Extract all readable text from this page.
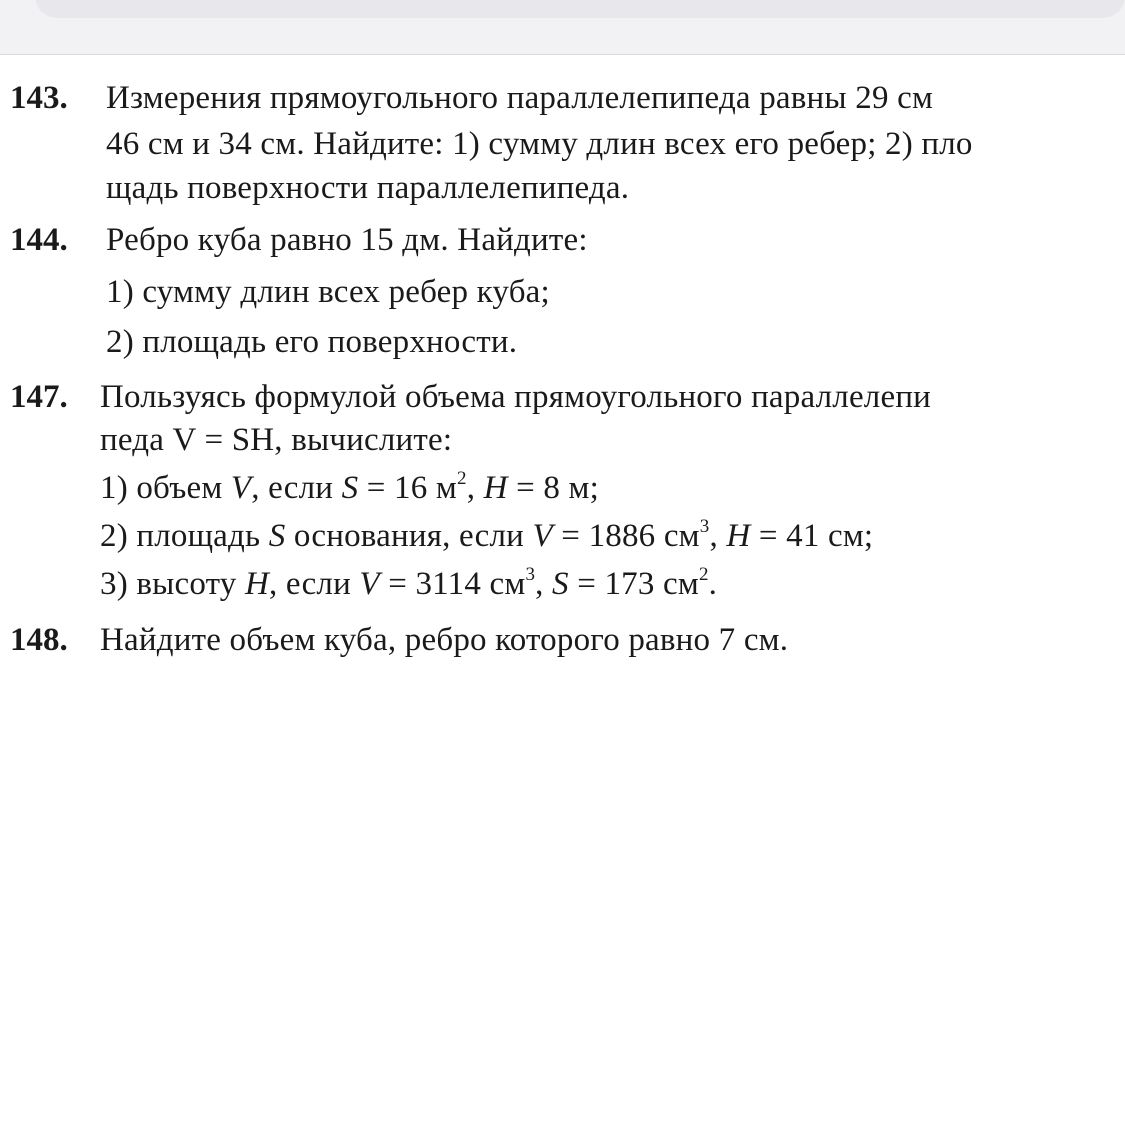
143. Измерения прямоугольного параллелепипеда равны 29 см
46 см и 34 см. Найдите: 1) сумму длин всех его ребер; 2) пло
щадь поверхности параллелепипеда.
144. Ребро куба равно 15 дм. Найдите:
1) сумму длин всех ребер куба;
2) площадь его поверхности.
147. Пользуясь формулой объема прямоугольного параллелепи
педа V = SH, вычислите:
1) объем V, если S = 16 $м^2$, H = 8 м;
2) площадь S основания, если V = 1886 $см^3$, H = 41 см;
3) высоту H, если V = 3114 $см^3$, S = 173 $см^2$.
148. Найдите объем куба, ребро которого равно 7 см.
